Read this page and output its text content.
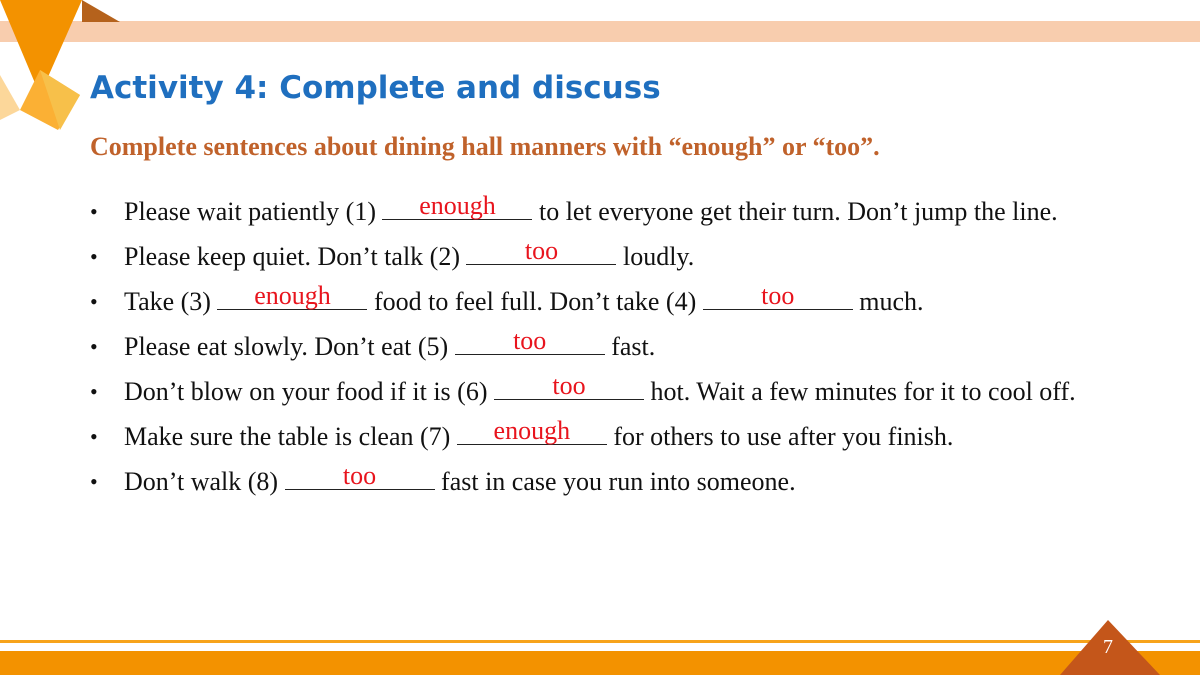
Activity 4: Complete and discuss

Complete sentences about dining hall manners with “enough” or “too”.

• Please wait patiently (1)	enough	to let everyone get their turn. Don’t jump the line.
• Please keep quiet. Don’t talk (2)	too	loudly.
• Take (3)	enough	food to feel full. Don’t take (4)	too	much.
• Please eat slowly. Don’t eat (5)	too	fast.
• Don’t blow on your food if it is (6)	too	hot. Wait a few minutes for it to cool off.
• Make sure the table is clean (7)	enough	for others to use after you finish.
• Don’t walk (8)	too	fast in case you run into someone.
7
